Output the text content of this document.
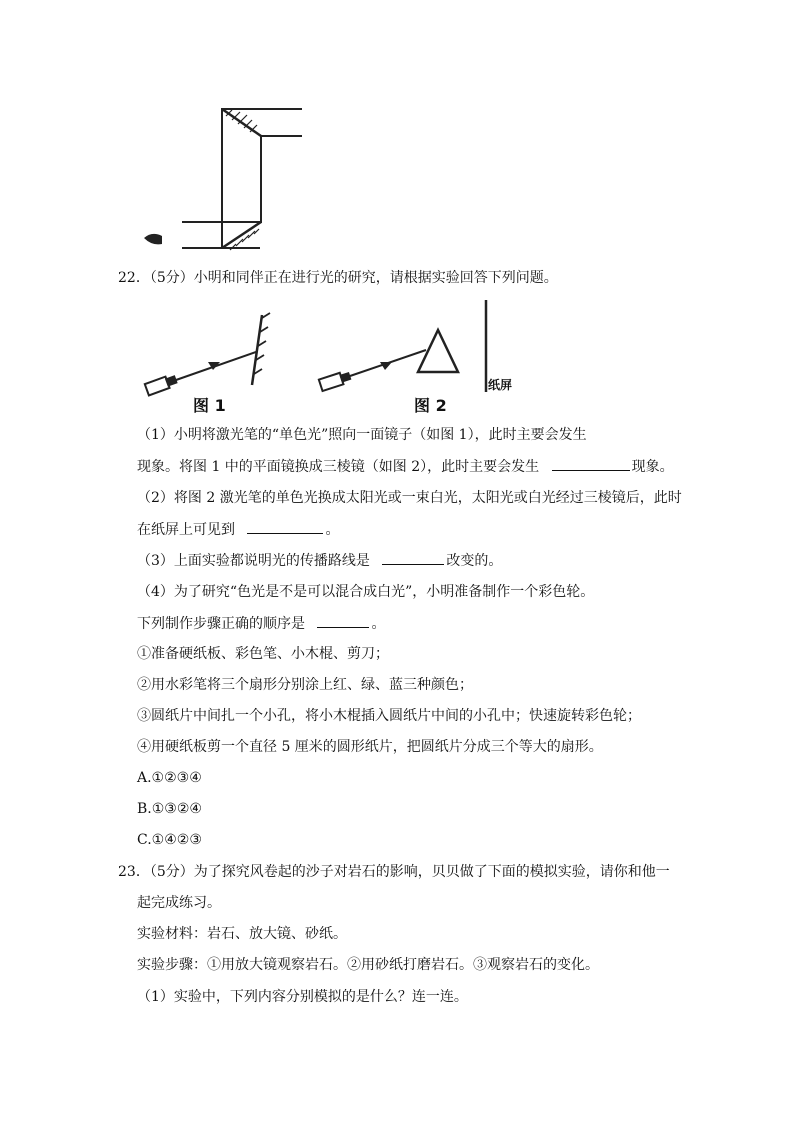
22．（5分）小明和同伴正在进行光的研究，请根据实验回答下列问题。
图 1	图 2
纸屏
（1）小明将激光笔的“单色光”照向一面镜子（如图 1），此时主要会发生
现象。将图 1 中的平面镜换成三棱镜（如图 2），此时主要会发生	现象。
（2）将图 2 激光笔的单色光换成太阳光或一束白光，太阳光或白光经过三棱镜后，此时
在纸屏上可见到	。
（3）上面实验都说明光的传播路线是	改变的。
（4）为了研究“色光是不是可以混合成白光”，小明准备制作一个彩色轮。
下列制作步骤正确的顺序是	。
①准备硬纸板、彩色笔、小木棍、剪刀；
②用水彩笔将三个扇形分别涂上红、绿、蓝三种颜色；
③圆纸片中间扎一个小孔，将小木棍插入圆纸片中间的小孔中；快速旋转彩色轮；
④用硬纸板剪一个直径 5 厘米的圆形纸片，把圆纸片分成三个等大的扇形。
A.①②③④
B.①③②④
C.①④②③
23．（5分）为了探究风卷起的沙子对岩石的影响，贝贝做了下面的模拟实验，请你和他一
起完成练习。
实验材料：岩石、放大镜、砂纸。
实验步骤：①用放大镜观察岩石。②用砂纸打磨岩石。③观察岩石的变化。
（1）实验中，下列内容分别模拟的是什么？连一连。
